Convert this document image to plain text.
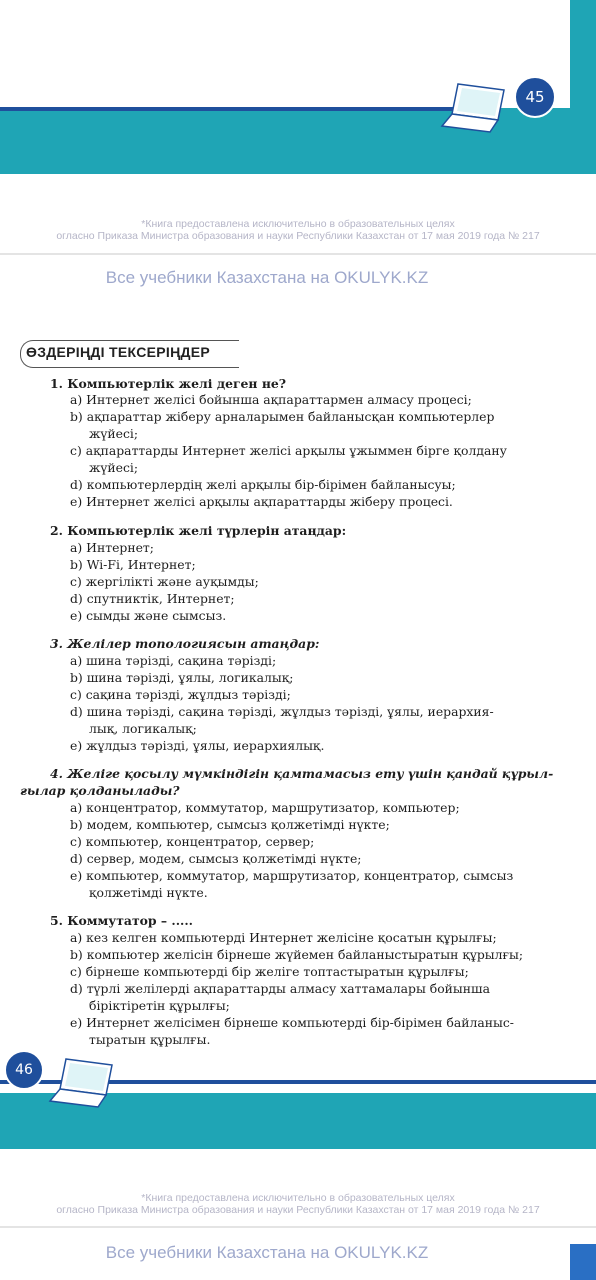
45
*Книга предоставлена исключительно в образовательных целях
огласно Приказа Министра образования и науки Республики Казахстан от 17 мая 2019 года № 217
Все учебники Казахстана на OKULYK.KZ
ӨЗДЕРІҢДІ ТЕКСЕРІҢДЕР
1. Компьютерлік желі деген не?
a) Интернет желісі бойынша ақпараттармен алмасу процесі;
b) ақпараттар жіберу арналарымен байланысқан компьютерлер
жүйесі;
c) ақпараттарды Интернет желісі арқылы ұжыммен бірге қолдану
жүйесі;
d) компьютерлердің желі арқылы бір-бірімен байланысуы;
e) Интернет желісі арқылы ақпараттарды жіберу процесі.
2. Компьютерлік желі түрлерін атаңдар:
a) Интернет;
b) Wi-Fi, Интернет;
c) жергілікті және ауқымды;
d) спутниктік, Интернет;
e) сымды және сымсыз.
3. Желілер топологиясын атаңдар:
a) шина тәрізді, сақина тәрізді;
b) шина тәрізді, ұялы, логикалық;
c) сақина тәрізді, жұлдыз тәрізді;
d) шина тәрізді, сақина тәрізді, жұлдыз тәрізді, ұялы, иерархия-
лық, логикалық;
e) жұлдыз тәрізді, ұялы, иерархиялық.
4. Желіге қосылу мүмкіндігін қамтамасыз ету үшін қандай құрыл-
ғылар қолданылады?
a) концентратор, коммутатор, маршрутизатор, компьютер;
b) модем, компьютер, сымсыз қолжетімді нүкте;
c) компьютер, концентратор, сервер;
d) сервер, модем, сымсыз қолжетімді нүкте;
e) компьютер, коммутатор, маршрутизатор, концентратор, сымсыз
қолжетімді нүкте.
5. Коммутатор – .....
a) кез келген компьютерді Интернет желісіне қосатын құрылғы;
b) компьютер желісін бірнеше жүйемен байланыстыратын құрылғы;
c) бірнеше компьютерді бір желіге топтастыратын құрылғы;
d) түрлі желілерді ақпараттарды алмасу хаттамалары бойынша
біріктіретін құрылғы;
e) Интернет желісімен бірнеше компьютерді бір-бірімен байланыс-
тыратын құрылғы.
46
*Книга предоставлена исключительно в образовательных целях
огласно Приказа Министра образования и науки Республики Казахстан от 17 мая 2019 года № 217
Все учебники Казахстана на OKULYK.KZ
